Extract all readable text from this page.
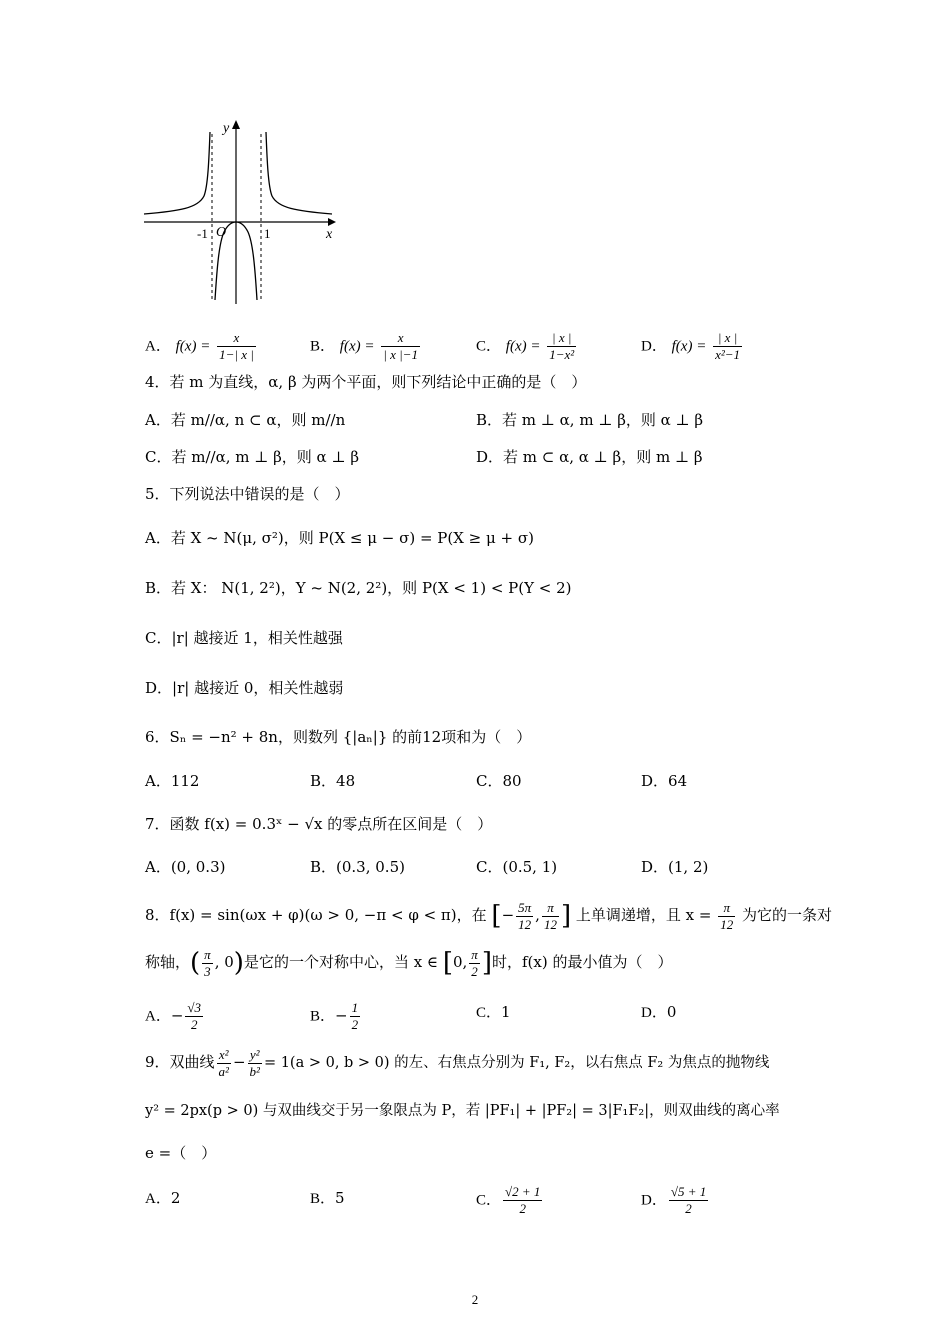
y
x
O
-1	1
A． $f(x) = \frac{x}{1-| x |}$	B． $f(x) = \frac{x}{| x |-1}$	C． $f(x) = \frac{| x |}{\text{1−x²}}$	D． $f(x) = \frac{| x |}{\text{x²−1}}$
4．若 m 为直线，α, β 为两个平面，则下列结论中正确的是（　）
A．若 m//α, n ⊂ α，则 m//n	B．若 m ⊥ α, m ⊥ β，则 α ⊥ β
C．若 m//α, m ⊥ β，则 α ⊥ β	D．若 m ⊂ α, α ⊥ β，则 m ⊥ β
5．下列说法中错误的是（　）
A．若 X ~ N(μ, σ²)，则 P(X ≤ μ − σ) = P(X ≥ μ + σ)
B．若 X： N(1, 2²)，Y ~ N(2, 2²)，则 P(X < 1) < P(Y < 2)
C．|r| 越接近 1，相关性越强
D．|r| 越接近 0，相关性越弱
6．Sₙ = −n² + 8n，则数列 {|aₙ|} 的前12项和为（　）
A．112	B．48	C．80	D．64
7．函数 f(x) = 0.3ˣ − √x 的零点所在区间是（　）
A．(0, 0.3)	B．(0.3, 0.5)	C．(0.5, 1)	D．(1, 2)
8．f(x) = sin(ωx + φ)(ω > 0, −π < φ < π)，在 [− $\frac{5\pi}{12}$ , $\frac{\pi}{12}$ ] 上单调递增，且 $x = \frac{\pi}{12}$ 为它的一条对
称轴，( $\frac{\pi}{3}$ , 0)是它的一个对称中心，当 x ∈ [0, $\frac{\pi}{2}$ ]时，f(x) 的最小值为（　）
A．− $\frac{√3}{2}$	B．− $\frac{1}{2}$	C．1	D．0
9．双曲线 $\frac{\text{x²}}{\text{a²}} - \frac{\text{y²}}{\text{b²}} = 1(a > 0$, b > 0) 的左、右焦点分别为 F₁, F₂，以右焦点 F₂ 为焦点的抛物线
y² = 2px(p > 0) 与双曲线交于另一象限点为 P，若 |PF₁| + |PF₂| = 3|F₁F₂|，则双曲线的离心率
e =（　）
A．2	B．5	C． $\frac{√2 + 1}{2}$	D． $\frac{√5 + 1}{2}$
2
